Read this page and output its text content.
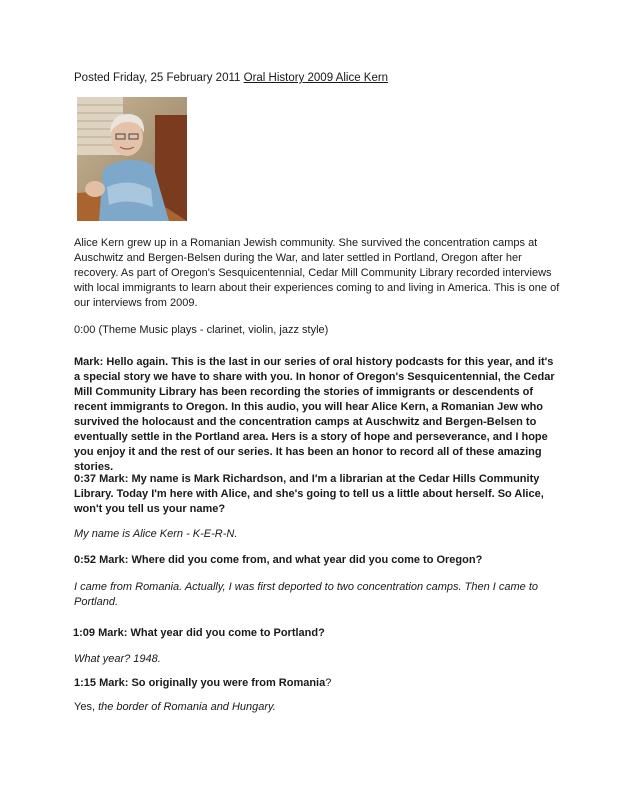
Posted Friday, 25 February 2011 Oral History 2009 Alice Kern

Alice Kern grew up in a Romanian Jewish community. She survived the concentration camps at Auschwitz and Bergen-Belsen during the War, and later settled in Portland, Oregon after her recovery. As part of Oregon's Sesquicentennial, Cedar Mill Community Library recorded interviews with local immigrants to learn about their experiences coming to and living in America. This is one of our interviews from 2009.

0:00 (Theme Music plays - clarinet, violin, jazz style)

Mark: Hello again. This is the last in our series of oral history podcasts for this year, and it's a special story we have to share with you. In honor of Oregon's Sesquicentennial, the Cedar Mill Community Library has been recording the stories of immigrants or descendents of recent immigrants to Oregon. In this audio, you will hear Alice Kern, a Romanian Jew who survived the holocaust and the concentration camps at Auschwitz and Bergen-Belsen to eventually settle in the Portland area. Hers is a story of hope and perseverance, and I hope you enjoy it and the rest of our series. It has been an honor to record all of these amazing stories.

0:37 Mark: My name is Mark Richardson, and I'm a librarian at the Cedar Hills Community Library. Today I'm here with Alice, and she's going to tell us a little about herself. So Alice, won't you tell us your name?

My name is Alice Kern - K-E-R-N.

0:52 Mark: Where did you come from, and what year did you come to Oregon?

I came from Romania. Actually, I was first deported to two concentration camps. Then I came to Portland.

1:09 Mark: What year did you come to Portland?

What year? 1948.

1:15 Mark: So originally you were from Romania?

Yes, the border of Romania and Hungary.
